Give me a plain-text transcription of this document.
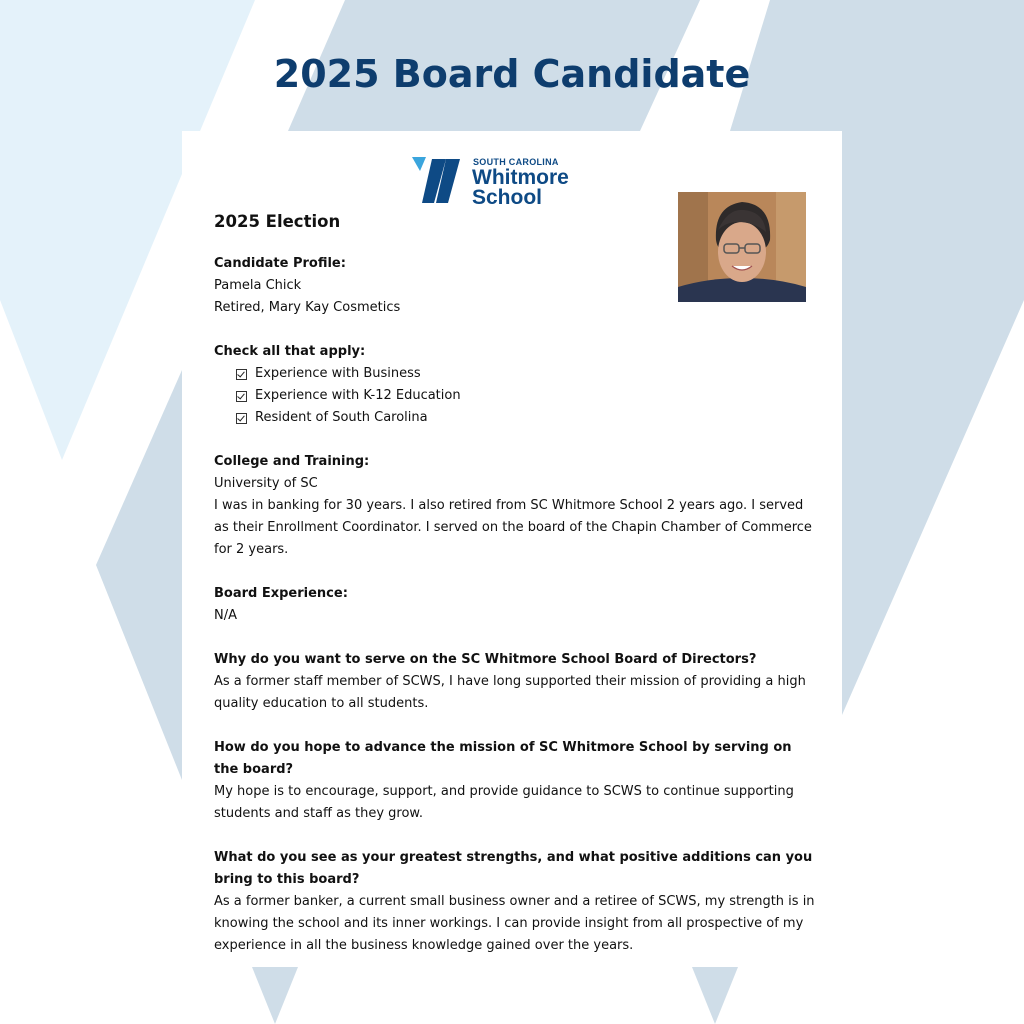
2025 Board Candidate
SOUTH CAROLINA
Whitmore
School
2025 Election
Candidate Profile:
Pamela Chick
Retired, Mary Kay Cosmetics
Check all that apply:
Experience with Business
Experience with K-12 Education
Resident of South Carolina
College and Training:
University of SC
I was in banking for 30 years. I also retired from SC Whitmore School 2 years ago. I served as their Enrollment Coordinator. I served on the board of the Chapin Chamber of Commerce for 2 years.
Board Experience:
N/A
Why do you want to serve on the SC Whitmore School Board of Directors?
As a former staff member of SCWS, I have long supported their mission of providing a high quality education to all students.
How do you hope to advance the mission of SC Whitmore School by serving on the board?
My hope is to encourage, support, and provide guidance to SCWS to continue supporting students and staff as they grow.
What do you see as your greatest strengths, and what positive additions can you bring to this board?
As a former banker, a current small business owner and a retiree of SCWS, my strength is in knowing the school and its inner workings. I can provide insight from all prospective of my experience in all the business knowledge gained over the years.
